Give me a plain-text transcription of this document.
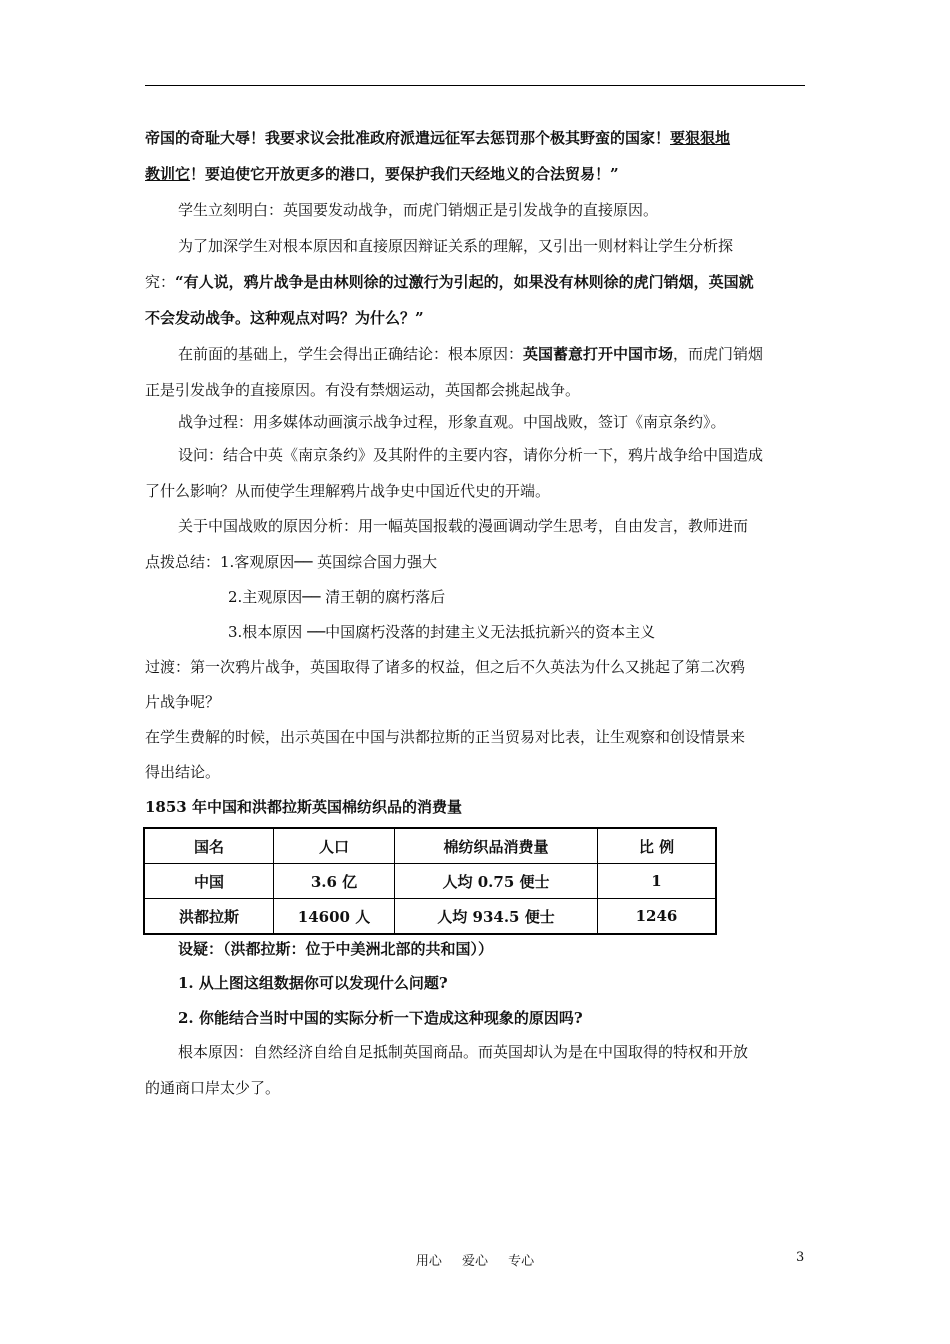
帝国的奇耻大辱！我要求议会批准政府派遣远征军去惩罚那个极其野蛮的国家！要狠狠地
教训它！要迫使它开放更多的港口，要保护我们天经地义的合法贸易！”
学生立刻明白：英国要发动战争，而虎门销烟正是引发战争的直接原因。
为了加深学生对根本原因和直接原因辩证关系的理解，又引出一则材料让学生分析探
究：“有人说，鸦片战争是由林则徐的过激行为引起的，如果没有林则徐的虎门销烟，英国就
不会发动战争。这种观点对吗？为什么？”
在前面的基础上，学生会得出正确结论：根本原因：英国蓄意打开中国市场，而虎门销烟
正是引发战争的直接原因。有没有禁烟运动，英国都会挑起战争。
战争过程：用多媒体动画演示战争过程，形象直观。中国战败，签订《南京条约》。
设问：结合中英《南京条约》及其附件的主要内容，请你分析一下，鸦片战争给中国造成
了什么影响？从而使学生理解鸦片战争史中国近代史的开端。
关于中国战败的原因分析：用一幅英国报载的漫画调动学生思考，自由发言，教师进而
点拨总结：1.客观原因── 英国综合国力强大
2.主观原因── 清王朝的腐朽落后
3.根本原因 ──中国腐朽没落的封建主义无法抵抗新兴的资本主义
过渡：第一次鸦片战争，英国取得了诸多的权益，但之后不久英法为什么又挑起了第二次鸦
片战争呢？
在学生费解的时候，出示英国在中国与洪都拉斯的正当贸易对比表，让生观察和创设情景来
得出结论。
1853 年中国和洪都拉斯英国棉纺织品的消费量
国名	人口	棉纺织品消费量	比 例
中国	3.6 亿	人均 0.75 便士	1
洪都拉斯	14600 人	人均 934.5 便士	1246
设疑：（洪都拉斯：位于中美洲北部的共和国））
1. 从上图这组数据你可以发现什么问题?
2. 你能结合当时中国的实际分析一下造成这种现象的原因吗?
根本原因：自然经济自给自足抵制英国商品。而英国却认为是在中国取得的特权和开放
的通商口岸太少了。
用心 爱心 专心	3
